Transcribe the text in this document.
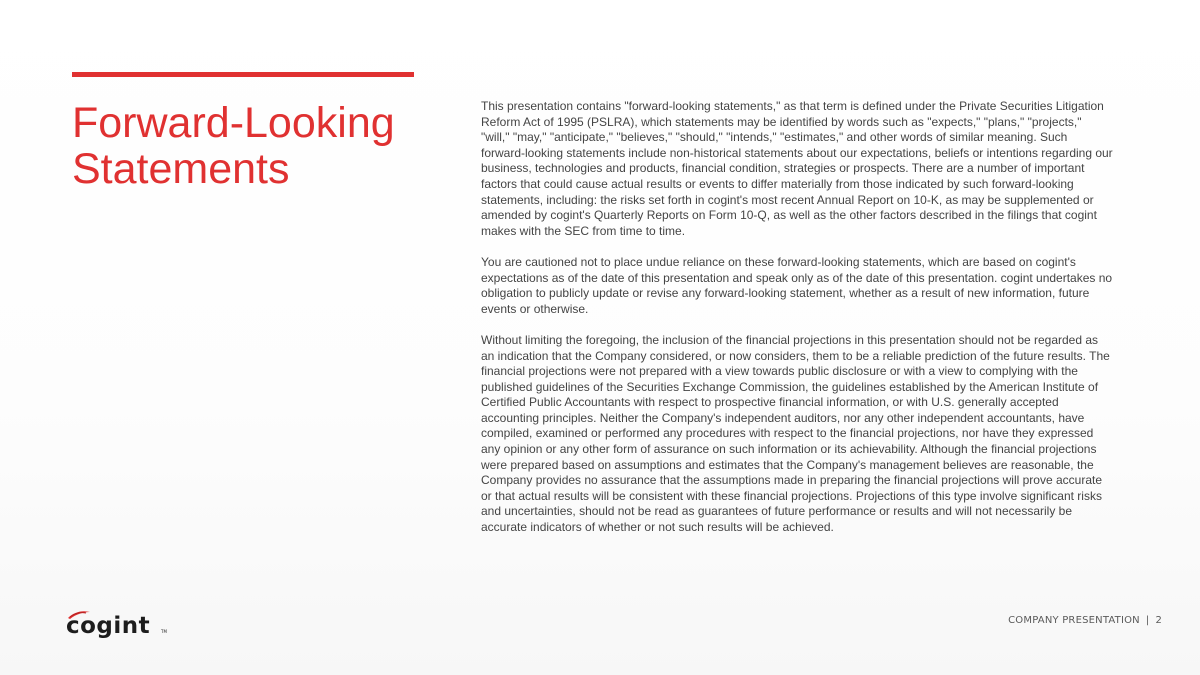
Forward-Looking
Statements

This presentation contains "forward-looking statements," as that term is defined under the Private Securities Litigation Reform Act of 1995 (PSLRA), which statements may be identified by words such as "expects," "plans," "projects," "will," "may," "anticipate," "believes," "should," "intends," "estimates," and other words of similar meaning. Such forward-looking statements include non-historical statements about our expectations, beliefs or intentions regarding our business, technologies and products, financial condition, strategies or prospects. There are a number of important factors that could cause actual results or events to differ materially from those indicated by such forward-looking statements, including: the risks set forth in cogint's most recent Annual Report on 10-K, as may be supplemented or amended by cogint's Quarterly Reports on Form 10-Q, as well as the other factors described in the filings that cogint makes with the SEC from time to time.

You are cautioned not to place undue reliance on these forward-looking statements, which are based on cogint's expectations as of the date of this presentation and speak only as of the date of this presentation. cogint undertakes no obligation to publicly update or revise any forward-looking statement, whether as a result of new information, future events or otherwise.

Without limiting the foregoing, the inclusion of the financial projections in this presentation should not be regarded as an indication that the Company considered, or now considers, them to be a reliable prediction of the future results. The financial projections were not prepared with a view towards public disclosure or with a view to complying with the published guidelines of the Securities Exchange Commission, the guidelines established by the American Institute of Certified Public Accountants with respect to prospective financial information, or with U.S. generally accepted accounting principles. Neither the Company's independent auditors, nor any other independent accountants, have compiled, examined or performed any procedures with respect to the financial projections, nor have they expressed any opinion or any other form of assurance on such information or its achievability. Although the financial projections were prepared based on assumptions and estimates that the Company's management believes are reasonable, the Company provides no assurance that the assumptions made in preparing the financial projections will prove accurate or that actual results will be consistent with these financial projections. Projections of this type involve significant risks and uncertainties, should not be read as guarantees of future performance or results and will not necessarily be accurate indicators of whether or not such results will be achieved.

cogint	TM
COMPANY PRESENTATION | 2
